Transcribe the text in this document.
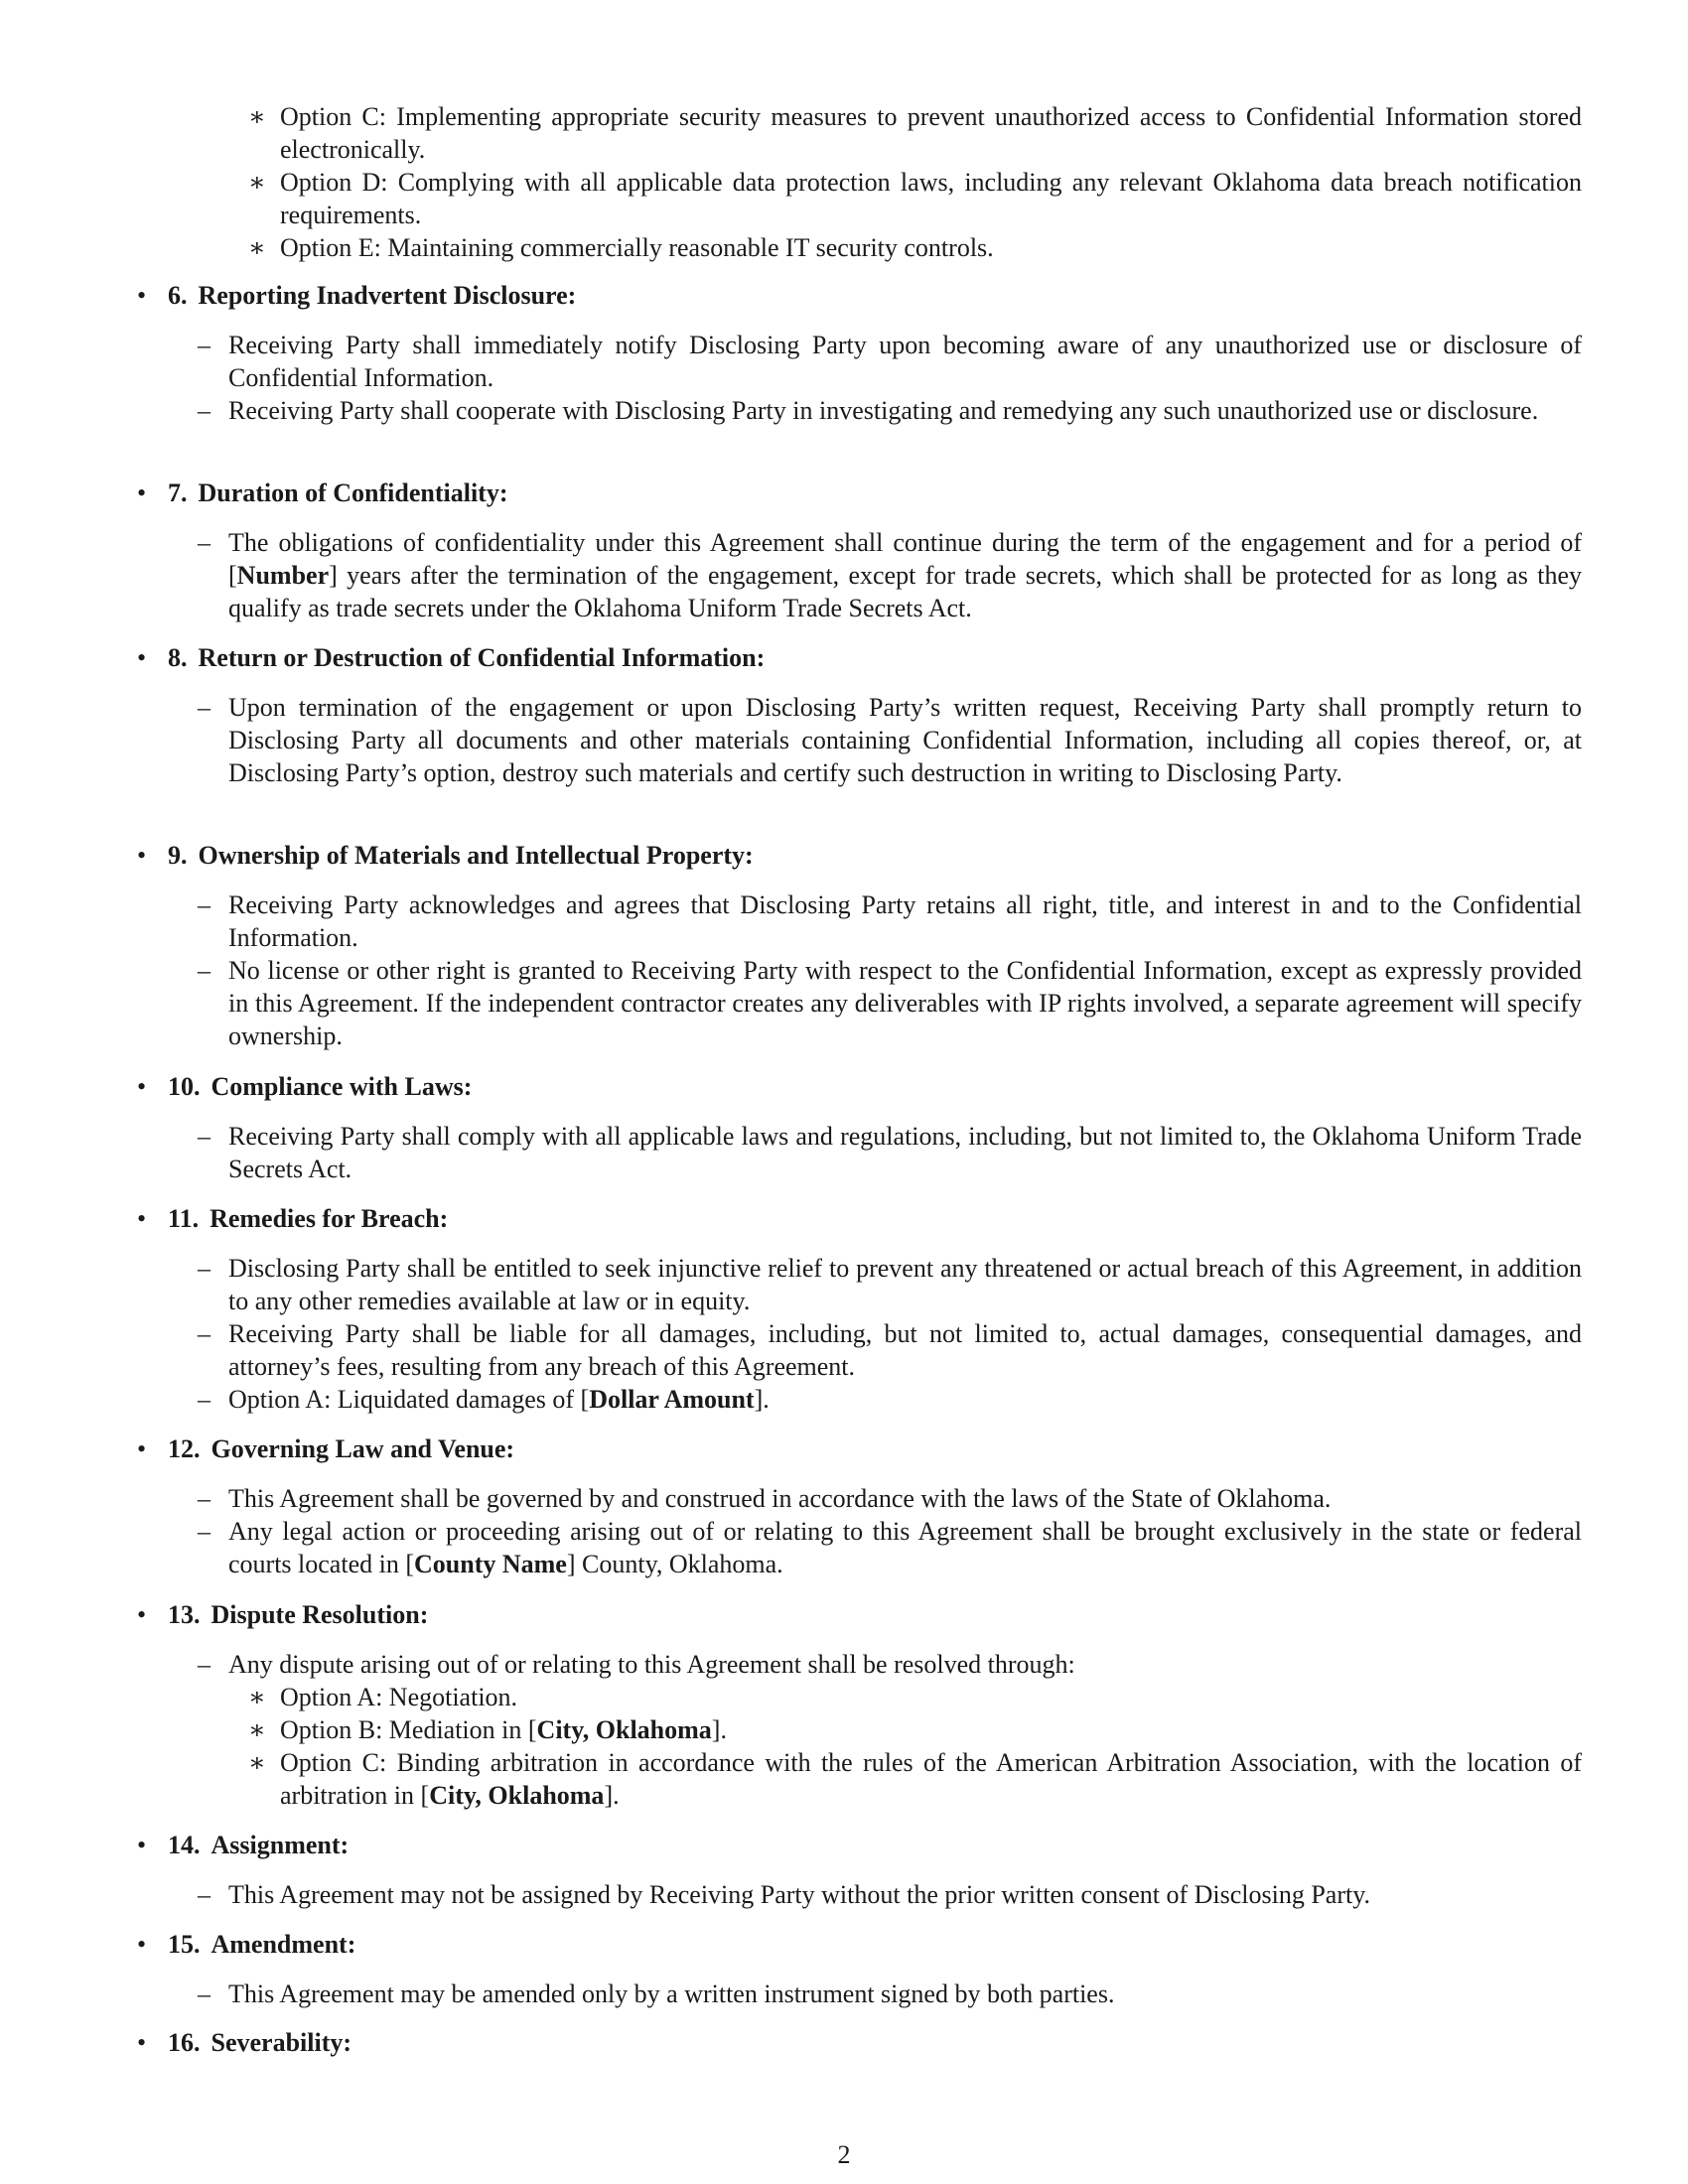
∗ Option C: Implementing appropriate security measures to prevent unauthorized access to Confidential Information stored electronically.
∗ Option D: Complying with all applicable data protection laws, including any relevant Oklahoma data breach notification requirements.
∗ Option E: Maintaining commercially reasonable IT security controls.
• 6. Reporting Inadvertent Disclosure:
– Receiving Party shall immediately notify Disclosing Party upon becoming aware of any unauthorized use or disclosure of Confidential Information.
– Receiving Party shall cooperate with Disclosing Party in investigating and remedying any such unauthorized use or disclosure.
• 7. Duration of Confidentiality:
– The obligations of confidentiality under this Agreement shall continue during the term of the engagement and for a period of [Number] years after the termination of the engagement, except for trade secrets, which shall be protected for as long as they qualify as trade secrets under the Oklahoma Uniform Trade Secrets Act.
• 8. Return or Destruction of Confidential Information:
– Upon termination of the engagement or upon Disclosing Party’s written request, Receiving Party shall promptly return to Disclosing Party all documents and other materials containing Confidential Information, including all copies thereof, or, at Disclosing Party’s option, destroy such materials and certify such destruction in writing to Disclosing Party.
• 9. Ownership of Materials and Intellectual Property:
– Receiving Party acknowledges and agrees that Disclosing Party retains all right, title, and interest in and to the Confidential Information.
– No license or other right is granted to Receiving Party with respect to the Confidential Information, except as expressly provided in this Agreement. If the independent contractor creates any deliverables with IP rights involved, a separate agreement will specify ownership.
• 10. Compliance with Laws:
– Receiving Party shall comply with all applicable laws and regulations, including, but not limited to, the Oklahoma Uniform Trade Secrets Act.
• 11. Remedies for Breach:
– Disclosing Party shall be entitled to seek injunctive relief to prevent any threatened or actual breach of this Agreement, in addition to any other remedies available at law or in equity.
– Receiving Party shall be liable for all damages, including, but not limited to, actual damages, consequential damages, and attorney’s fees, resulting from any breach of this Agreement.
– Option A: Liquidated damages of [Dollar Amount].
• 12. Governing Law and Venue:
– This Agreement shall be governed by and construed in accordance with the laws of the State of Oklahoma.
– Any legal action or proceeding arising out of or relating to this Agreement shall be brought exclusively in the state or federal courts located in [County Name] County, Oklahoma.
• 13. Dispute Resolution:
– Any dispute arising out of or relating to this Agreement shall be resolved through:
∗ Option A: Negotiation.
∗ Option B: Mediation in [City, Oklahoma].
∗ Option C: Binding arbitration in accordance with the rules of the American Arbitration Association, with the location of arbitration in [City, Oklahoma].
• 14. Assignment:
– This Agreement may not be assigned by Receiving Party without the prior written consent of Disclosing Party.
• 15. Amendment:
– This Agreement may be amended only by a written instrument signed by both parties.
• 16. Severability:
2
